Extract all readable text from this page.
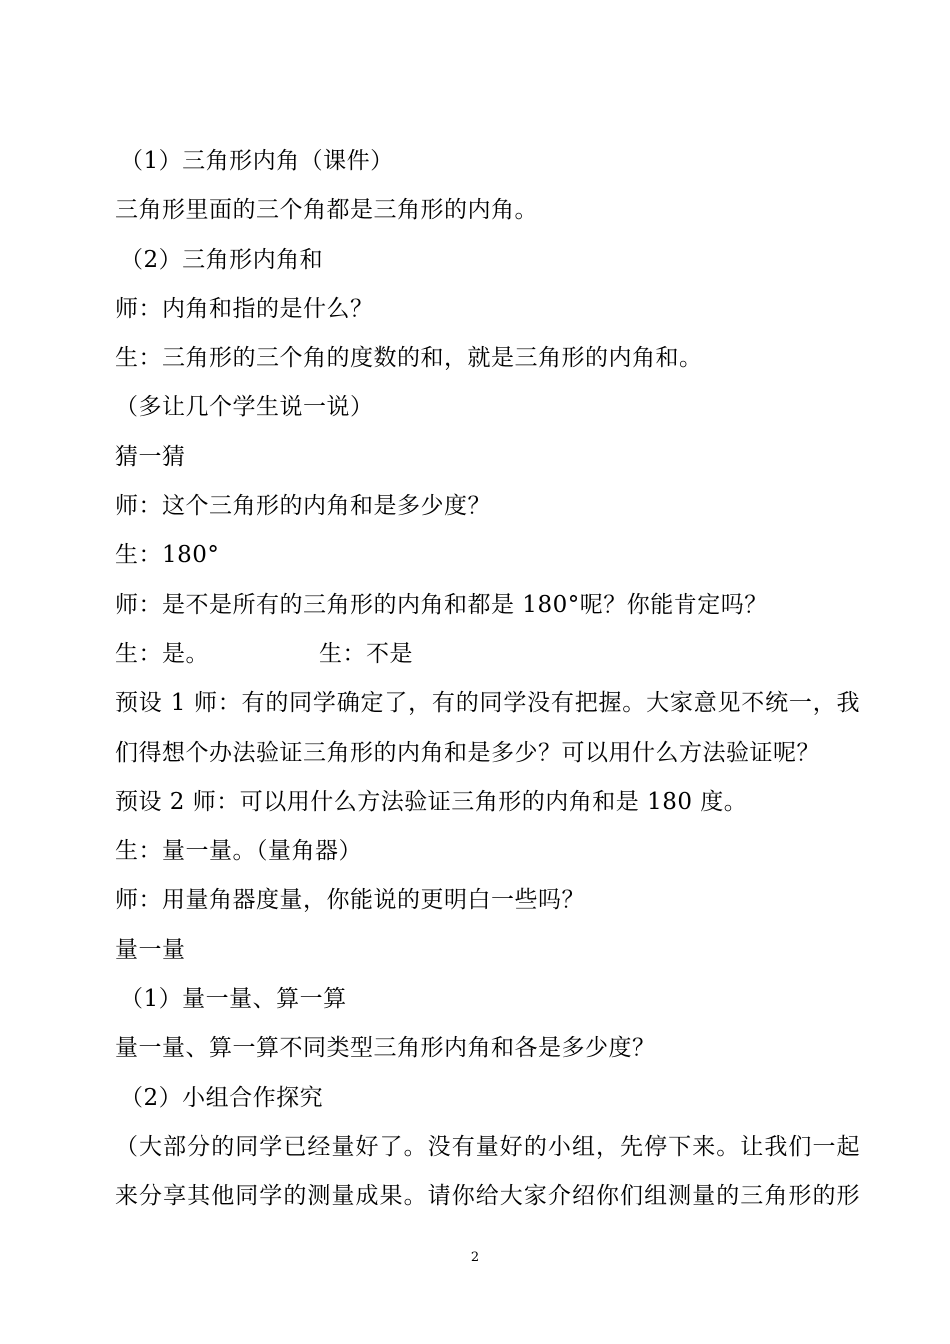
（1）三角形内角（课件）
三角形里面的三个角都是三角形的内角。
（2）三角形内角和
师：内角和指的是什么？
生：三角形的三个角的度数的和，就是三角形的内角和。
（多让几个学生说一说）
猜一猜
师：这个三角形的内角和是多少度？
生：180°
师：是不是所有的三角形的内角和都是 180°呢？你能肯定吗？
生：是。	生：不是
预设 1 师：有的同学确定了，有的同学没有把握。大家意见不统一，我
们得想个办法验证三角形的内角和是多少？可以用什么方法验证呢？
预设 2 师：可以用什么方法验证三角形的内角和是 180 度。
生：量一量。（量角器）
师：用量角器度量，你能说的更明白一些吗？
量一量
（1）量一量、算一算
量一量、算一算不同类型三角形内角和各是多少度？
（2）小组合作探究
（大部分的同学已经量好了。没有量好的小组，先停下来。让我们一起
来分享其他同学的测量成果。请你给大家介绍你们组测量的三角形的形
2
